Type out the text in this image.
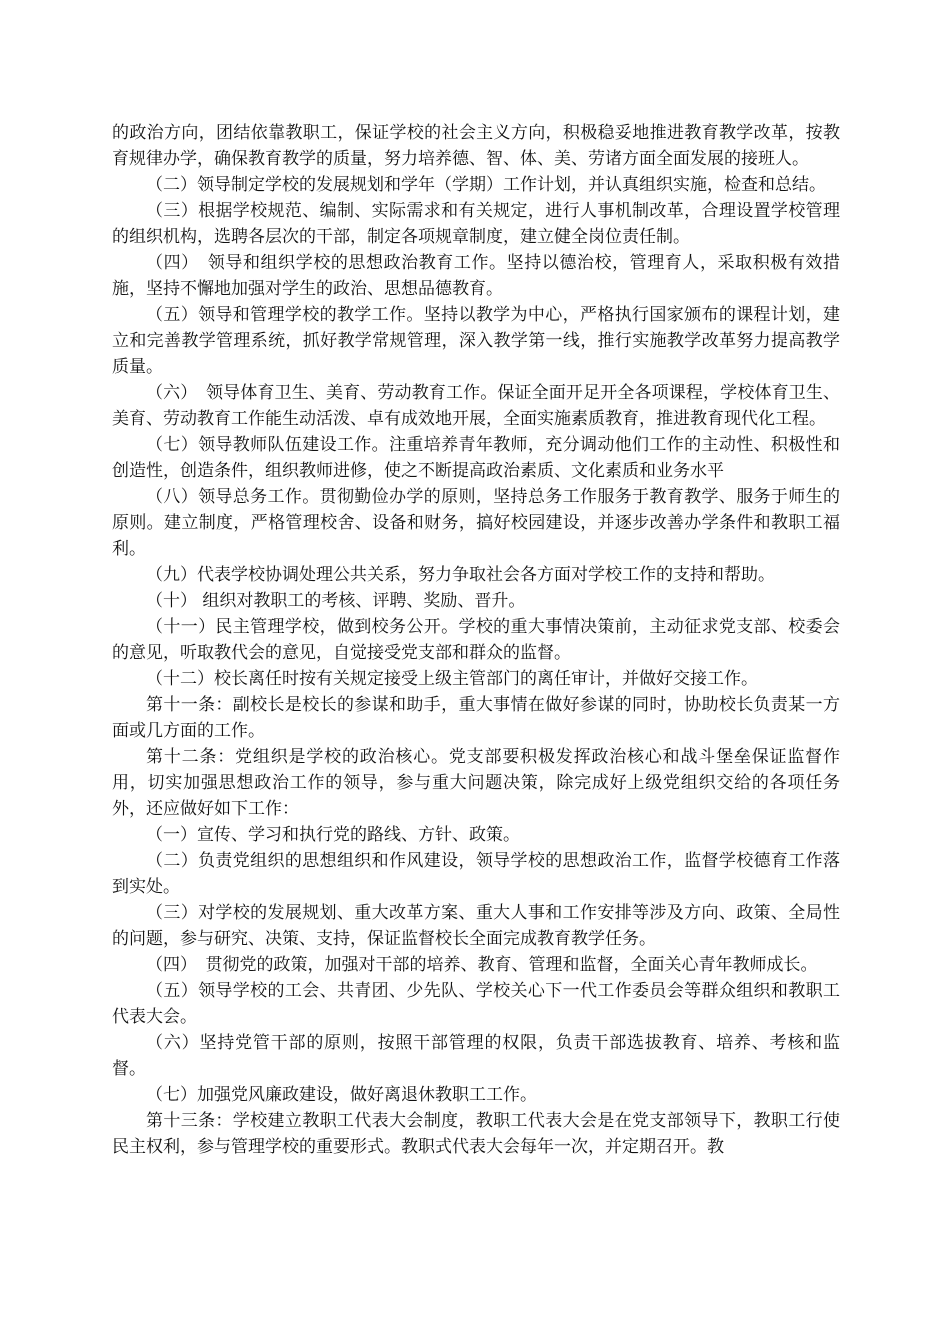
的政治方向，团结依靠教职工，保证学校的社会主义方向，积极稳妥地推进教育教学改革，按教育规律办学，确保教育教学的质量，努力培养德、智、体、美、劳诸方面全面发展的接班人。

（二）领导制定学校的发展规划和学年（学期）工作计划，并认真组织实施，检查和总结。

（三）根据学校规范、编制、实际需求和有关规定，进行人事机制改革，合理设置学校管理的组织机构，选聘各层次的干部，制定各项规章制度，建立健全岗位责任制。

（四）　领导和组织学校的思想政治教育工作。坚持以德治校，管理育人，采取积极有效措施，坚持不懈地加强对学生的政治、思想品德教育。

（五）领导和管理学校的教学工作。坚持以教学为中心，严格执行国家颁布的课程计划，建立和完善教学管理系统，抓好教学常规管理，深入教学第一线，推行实施教学改革努力提高教学质量。

（六）　领导体育卫生、美育、劳动教育工作。保证全面开足开全各项课程，学校体育卫生、美育、劳动教育工作能生动活泼、卓有成效地开展，全面实施素质教育，推进教育现代化工程。

（七）领导教师队伍建设工作。注重培养青年教师，充分调动他们工作的主动性、积极性和创造性，创造条件，组织教师进修，使之不断提高政治素质、文化素质和业务水平

（八）领导总务工作。贯彻勤俭办学的原则，坚持总务工作服务于教育教学、服务于师生的原则。建立制度，严格管理校舍、设备和财务，搞好校园建设，并逐步改善办学条件和教职工福利。

（九）代表学校协调处理公共关系，努力争取社会各方面对学校工作的支持和帮助。

（十） 组织对教职工的考核、评聘、奖励、晋升。

（十一）民主管理学校，做到校务公开。学校的重大事情决策前，主动征求党支部、校委会的意见，听取教代会的意见，自觉接受党支部和群众的监督。

（十二）校长离任时按有关规定接受上级主管部门的离任审计，并做好交接工作。

第十一条：副校长是校长的参谋和助手，重大事情在做好参谋的同时，协助校长负责某一方面或几方面的工作。

第十二条：党组织是学校的政治核心。党支部要积极发挥政治核心和战斗堡垒保证监督作用，切实加强思想政治工作的领导，参与重大问题决策，除完成好上级党组织交给的各项任务外，还应做好如下工作：

（一）宣传、学习和执行党的路线、方针、政策。

（二）负责党组织的思想组织和作风建设，领导学校的思想政治工作，监督学校德育工作落到实处。

（三）对学校的发展规划、重大改革方案、重大人事和工作安排等涉及方向、政策、全局性的问题，参与研究、决策、支持，保证监督校长全面完成教育教学任务。

（四）　贯彻党的政策，加强对干部的培养、教育、管理和监督，全面关心青年教师成长。

（五）领导学校的工会、共青团、少先队、学校关心下一代工作委员会等群众组织和教职工代表大会。

（六）坚持党管干部的原则，按照干部管理的权限，负责干部选拔教育、培养、考核和监督。

（七）加强党风廉政建设，做好离退休教职工工作。

第十三条：学校建立教职工代表大会制度，教职工代表大会是在党支部领导下，教职工行使民主权利，参与管理学校的重要形式。教职式代表大会每年一次，并定期召开。教
